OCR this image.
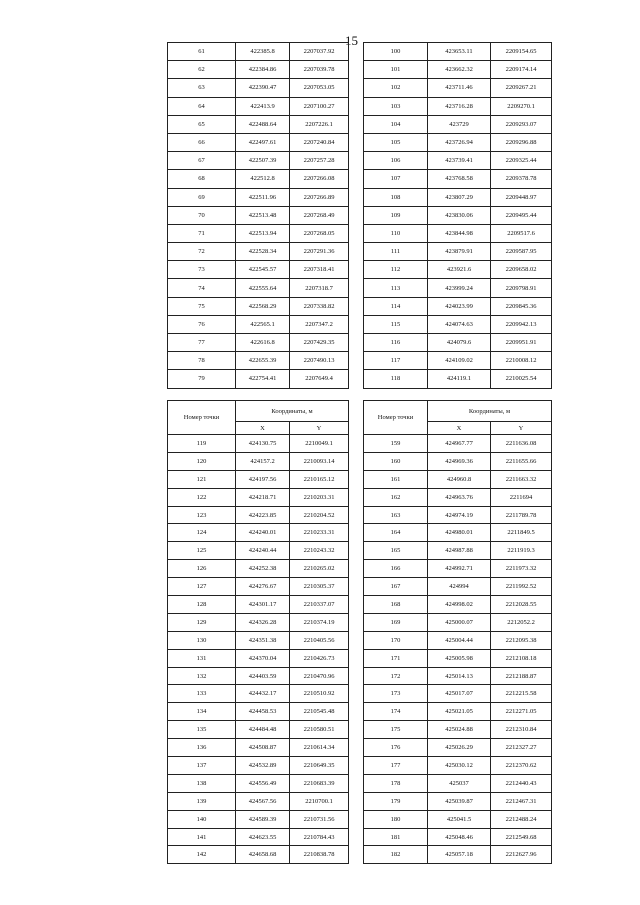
15
61	422385.8	2207037.92
62	422384.86	2207039.78
63	422390.47	2207053.05
64	422413.9	2207100.27
65	422488.64	2207226.1
66	422497.61	2207240.84
67	422507.39	2207257.28
68	422512.8	2207266.08
69	422511.96	2207266.89
70	422513.48	2207268.49
71	422513.94	2207268.05
72	422528.34	2207291.36
73	422545.57	2207318.41
74	422555.64	2207318.7
75	422568.29	2207338.82
76	422565.1	2207347.2
77	422616.8	2207429.35
78	422655.39	2207490.13
79	422754.41	2207649.4
100	423653.11	2209154.65
101	423662.32	2209174.14
102	423711.46	2209267.21
103	423716.28	2209270.1
104	423729	2209293.07
105	423726.94	2209296.88
106	423739.41	2209325.44
107	423768.58	2209378.78
108	423807.29	2209448.97
109	423830.06	2209495.44
110	423844.98	2209517.6
111	423879.91	2209587.95
112	423921.6	2209658.02
113	423999.24	2209798.91
114	424023.99	2209845.36
115	424074.63	2209942.13
116	424079.6	2209951.91
117	424109.02	2210008.12
118	424119.1	2210025.54
Номер точки	Координаты, м	
	X	Y
119	424130.75	2210049.1
120	424157.2	2210093.14
121	424197.56	2210165.12
122	424218.71	2210203.31
123	424223.85	2210204.52
124	424240.01	2210233.31
125	424240.44	2210243.32
126	424252.38	2210265.02
127	424276.67	2210305.37
128	424301.17	2210337.07
129	424326.28	2210374.19
130	424351.38	2210405.56
131	424370.04	2210426.73
132	424403.59	2210470.96
133	424432.17	2210510.92
134	424458.53	2210545.48
135	424484.48	2210580.51
136	424508.87	2210614.34
137	424532.89	2210649.35
138	424556.49	2210683.39
139	424567.56	2210700.1
140	424589.39	2210731.56
141	424623.55	2210784.43
142	424658.68	2210838.78
Номер точки	Координаты, м	
	X	Y
159	424967.77	2211636.08
160	424969.36	2211655.66
161	424960.8	2211663.32
162	424963.76	2211694
163	424974.19	2211789.78
164	424980.01	2211849.5
165	424987.88	2211919.3
166	424992.71	2211973.32
167	424994	2211992.52
168	424998.02	2212028.55
169	425000.07	2212052.2
170	425004.44	2212095.38
171	425005.98	2212108.18
172	425014.13	2212188.87
173	425017.07	2212215.58
174	425021.05	2212271.05
175	425024.88	2212310.84
176	425026.29	2212327.27
177	425030.12	2212370.62
178	425037	2212440.43
179	425039.87	2212467.31
180	425041.5	2212488.24
181	425048.46	2212549.68
182	425057.18	2212627.96
